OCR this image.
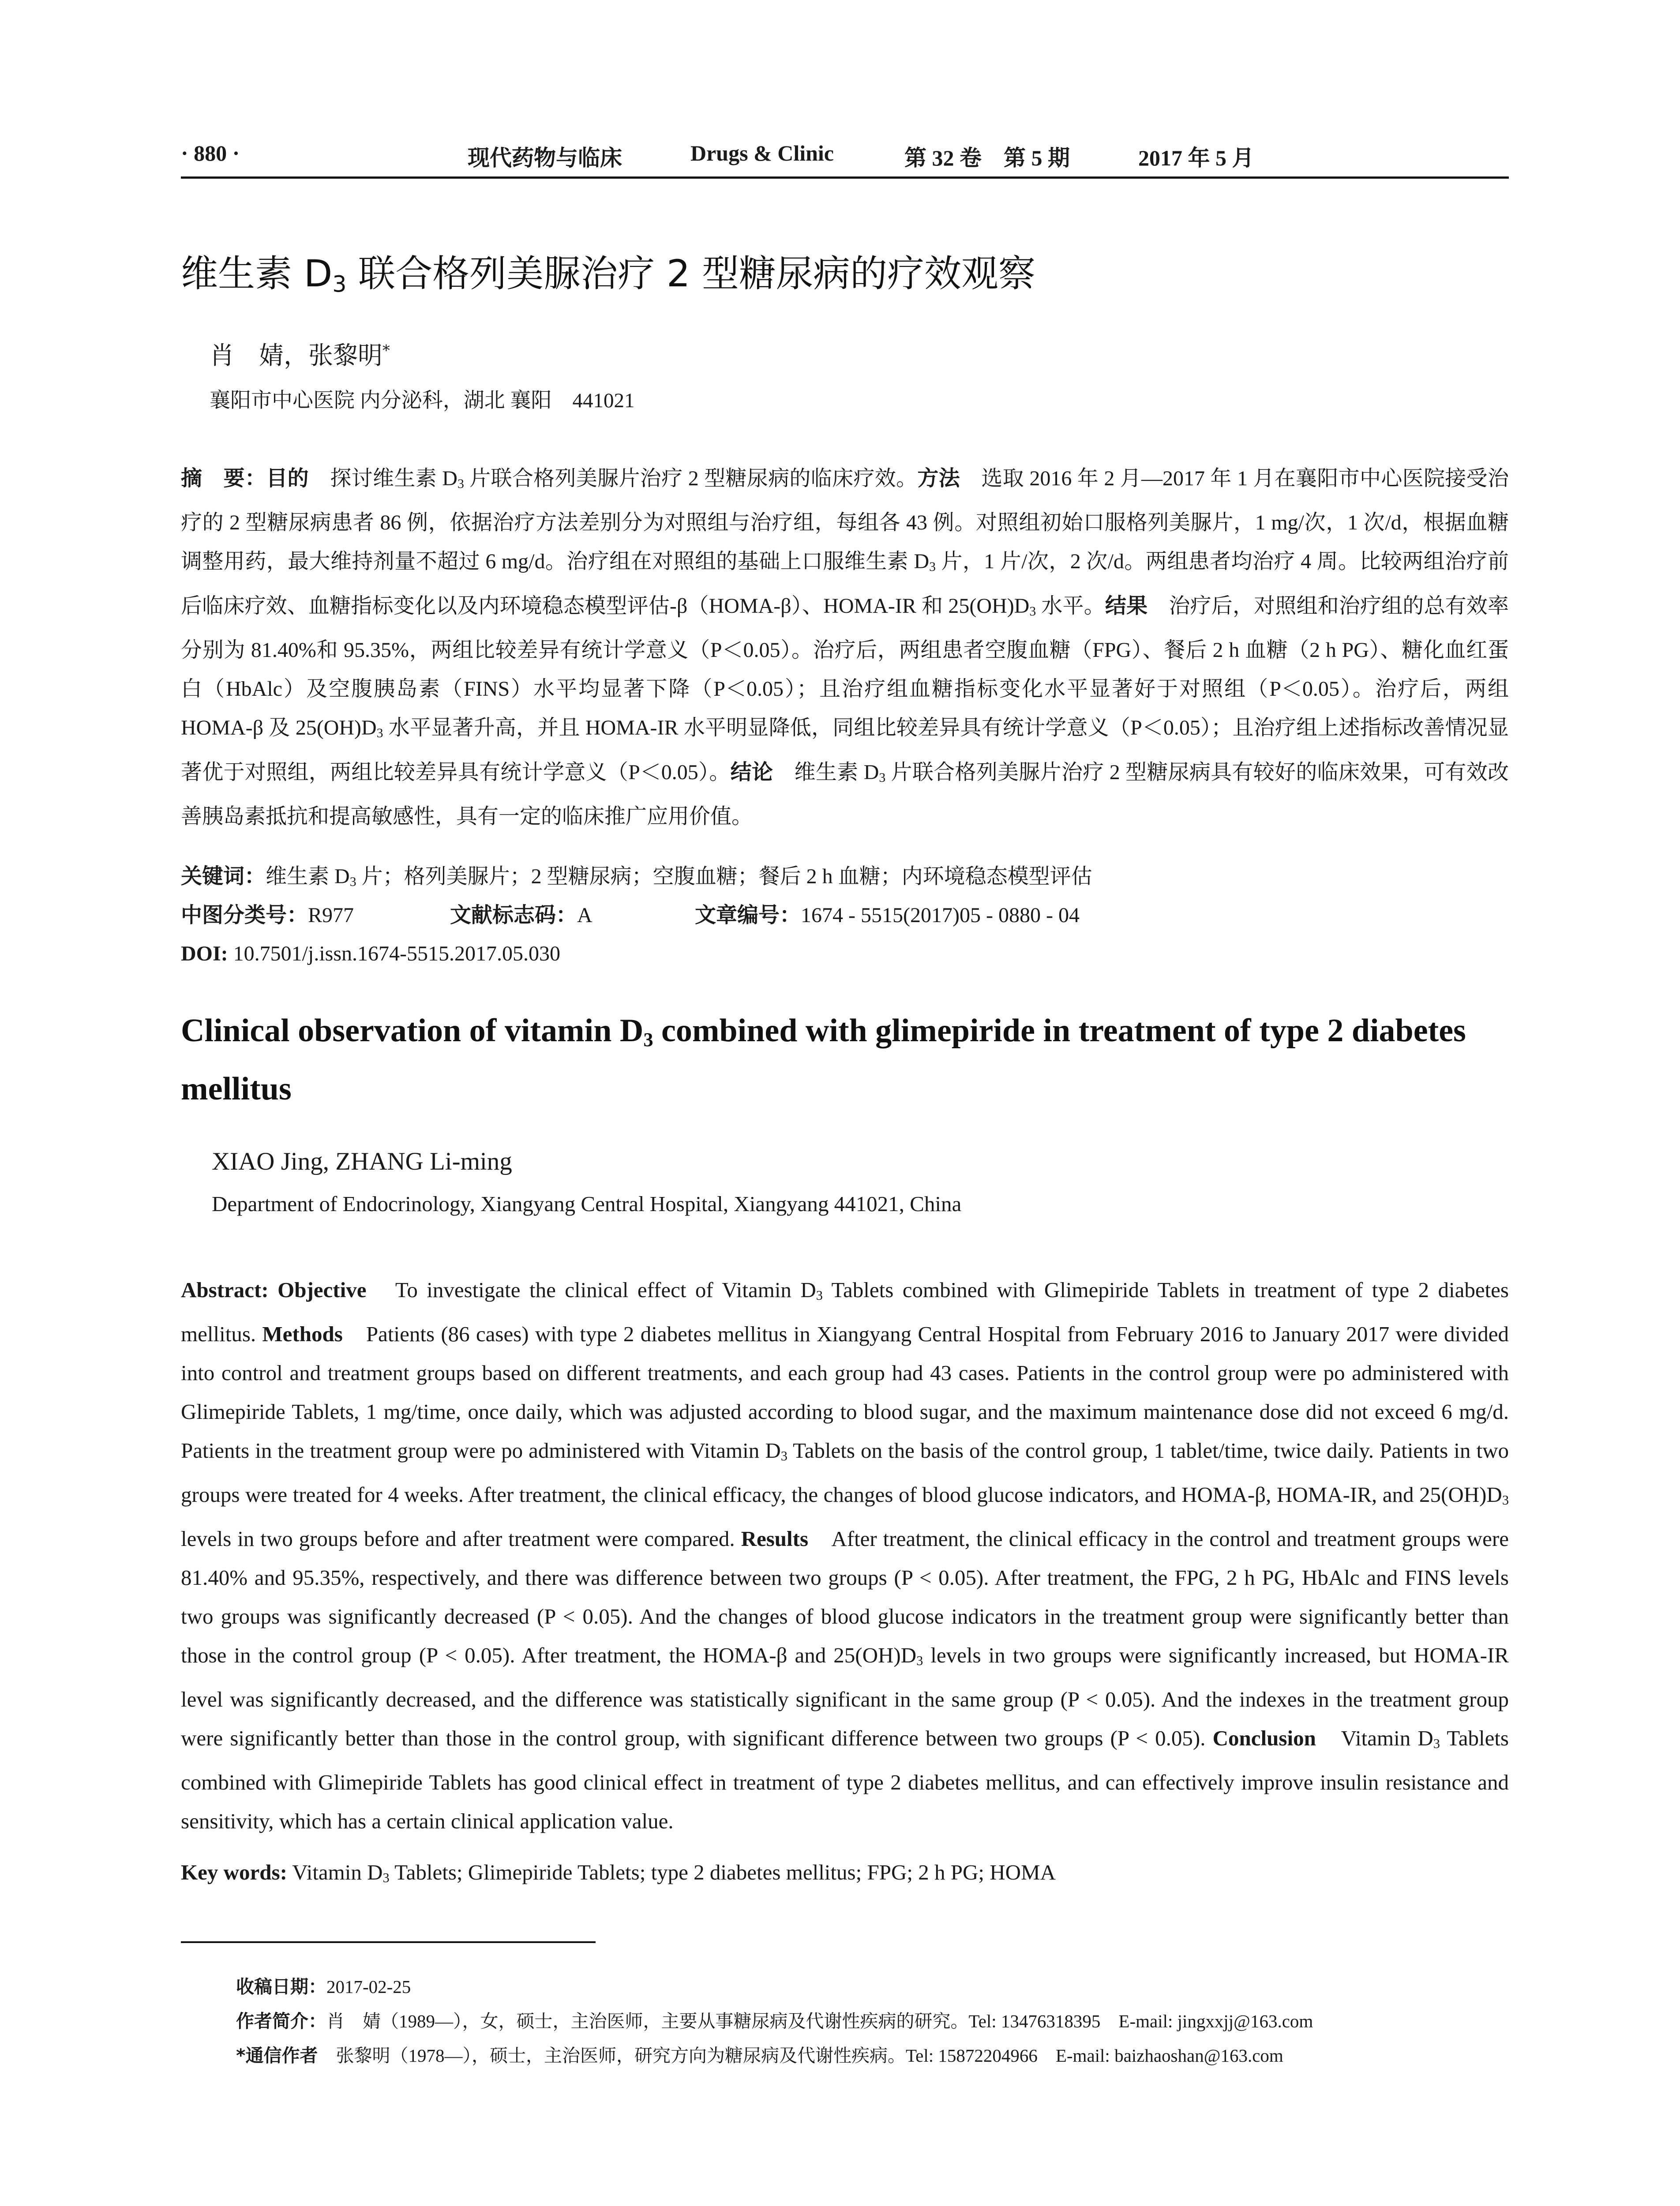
· 880 ·	现代药物与临床	Drugs & Clinic	第 32 卷　第 5 期	2017 年 5 月
维生素 $D_3$ 联合格列美脲治疗 2 型糖尿病的疗效观察
肖　婧，张黎明*
襄阳市中心医院 内分泌科，湖北 襄阳　441021
摘　要：目的　探讨维生素 $D_3$ 片联合格列美脲片治疗 2 型糖尿病的临床疗效。方法　选取 2016 年 2 月—2017 年 1 月在襄阳市中心医院接受治疗的 2 型糖尿病患者 86 例，依据治疗方法差别分为对照组与治疗组，每组各 43 例。对照组初始口服格列美脲片，1 mg/次，1 次/d，根据血糖调整用药，最大维持剂量不超过 6 mg/d。治疗组在对照组的基础上口服维生素 $D_3$ 片，1 片/次，2 次/d。两组患者均治疗 4 周。比较两组治疗前后临床疗效、血糖指标变化以及内环境稳态模型评估-β（HOMA-β）、HOMA-IR 和 $25(OH)D_3$ 水平。结果　治疗后，对照组和治疗组的总有效率分别为 81.40%和 95.35%，两组比较差异有统计学意义（P＜0.05）。治疗后，两组患者空腹血糖（FPG）、餐后 2 h 血糖（2 h PG）、糖化血红蛋白（HbAlc）及空腹胰岛素（FINS）水平均显著下降（P＜0.05）；且治疗组血糖指标变化水平显著好于对照组（P＜0.05）。治疗后，两组 HOMA-β 及 $25(OH)D_3$ 水平显著升高，并且 HOMA-IR 水平明显降低，同组比较差异具有统计学意义（P＜0.05）；且治疗组上述指标改善情况显著优于对照组，两组比较差异具有统计学意义（P＜0.05）。结论　维生素 $D_3$ 片联合格列美脲片治疗 2 型糖尿病具有较好的临床效果，可有效改善胰岛素抵抗和提高敏感性，具有一定的临床推广应用价值。
关键词：维生素 $D_3$ 片；格列美脲片；2 型糖尿病；空腹血糖；餐后 2 h 血糖；内环境稳态模型评估
中图分类号：R977	文献标志码：A	文章编号：1674 - 5515(2017)05 - 0880 - 04
DOI: 10.7501/j.issn.1674-5515.2017.05.030
Clinical observation of vitamin $D_3$ combined with glimepiride in treatment of type 2 diabetes mellitus
XIAO Jing, ZHANG Li-ming
Department of Endocrinology, Xiangyang Central Hospital, Xiangyang 441021, China
Abstract: Objective　To investigate the clinical effect of Vitamin $D_3$ Tablets combined with Glimepiride Tablets in treatment of type 2 diabetes mellitus. Methods　Patients (86 cases) with type 2 diabetes mellitus in Xiangyang Central Hospital from February 2016 to January 2017 were divided into control and treatment groups based on different treatments, and each group had 43 cases. Patients in the control group were po administered with Glimepiride Tablets, 1 mg/time, once daily, which was adjusted according to blood sugar, and the maximum maintenance dose did not exceed 6 mg/d. Patients in the treatment group were po administered with Vitamin $D_3$ Tablets on the basis of the control group, 1 tablet/time, twice daily. Patients in two groups were treated for 4 weeks. After treatment, the clinical efficacy, the changes of blood glucose indicators, and HOMA-β, HOMA-IR, and $25(OH)D_3$ levels in two groups before and after treatment were compared. Results　After treatment, the clinical efficacy in the control and treatment groups were 81.40% and 95.35%, respectively, and there was difference between two groups (P < 0.05). After treatment, the FPG, 2 h PG, HbAlc and FINS levels two groups was significantly decreased (P < 0.05). And the changes of blood glucose indicators in the treatment group were significantly better than those in the control group (P < 0.05). After treatment, the HOMA-β and $25(OH)D_3$ levels in two groups were significantly increased, but HOMA-IR level was significantly decreased, and the difference was statistically significant in the same group (P < 0.05). And the indexes in the treatment group were significantly better than those in the control group, with significant difference between two groups (P < 0.05). Conclusion　Vitamin $D_3$ Tablets combined with Glimepiride Tablets has good clinical effect in treatment of type 2 diabetes mellitus, and can effectively improve insulin resistance and sensitivity, which has a certain clinical application value.
Key words: Vitamin $D_3$ Tablets; Glimepiride Tablets; type 2 diabetes mellitus; FPG; 2 h PG; HOMA
收稿日期：2017-02-25
作者简介：肖　婧（1989—），女，硕士，主治医师，主要从事糖尿病及代谢性疾病的研究。Tel: 13476318395　E-mail: jingxxjj@163.com
*通信作者　张黎明（1978—），硕士，主治医师，研究方向为糖尿病及代谢性疾病。Tel: 15872204966　E-mail: baizhaoshan@163.com
